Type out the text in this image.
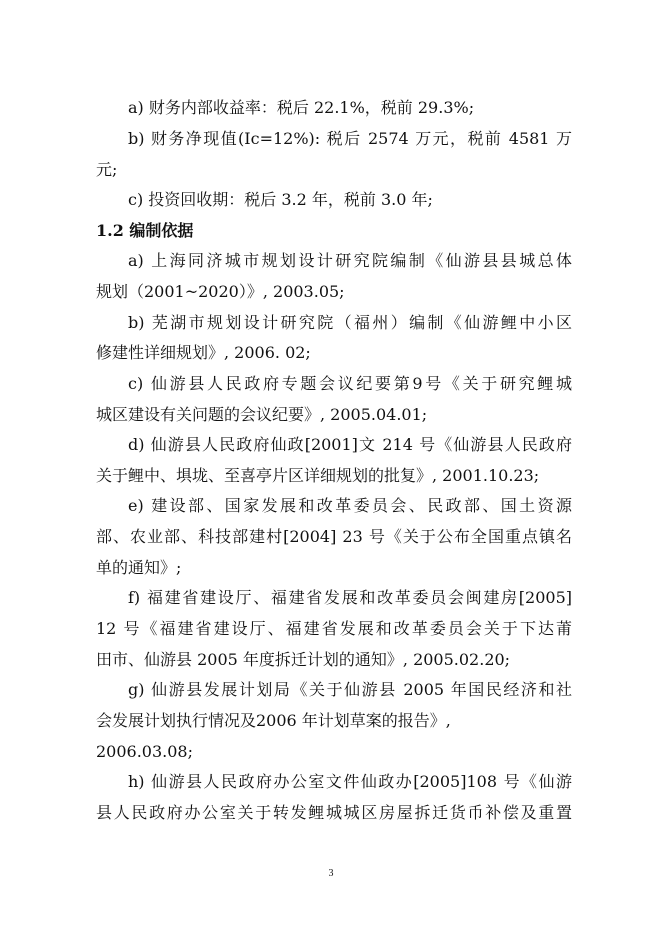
a) 财务内部收益率：税后 22.1%，税前 29.3%;
b) 财务净现值(Ic=12%): 税后 2574 万元，税前 4581 万
元;
c) 投资回收期：税后 3.2 年，税前 3.0 年;
1.2 编制依据
a) 上海同济城市规划设计研究院编制《仙游县县城总体
规划（2001~2020）》, 2003.05;
b) 芜湖市规划设计研究院（福州）编制《仙游鲤中小区
修建性详细规划》, 2006. 02;
c) 仙游县人民政府专题会议纪要第9号《关于研究鲤城
城区建设有关问题的会议纪要》, 2005.04.01;
d) 仙游县人民政府仙政[2001]文 214 号《仙游县人民政府
关于鲤中、埧垅、至喜亭片区详细规划的批复》, 2001.10.23;
e) 建设部、国家发展和改革委员会、民政部、国土资源
部、农业部、科技部建村[2004] 23 号《关于公布全国重点镇名
单的通知》;
f) 福建省建设厅、福建省发展和改革委员会闽建房[2005]
12 号《福建省建设厅、福建省发展和改革委员会关于下达莆
田市、仙游县 2005 年度拆迁计划的通知》, 2005.02.20;
g) 仙游县发展计划局《关于仙游县 2005 年国民经济和社
会发展计划执行情况及2006 年计划草案的报告》,
2006.03.08;
h) 仙游县人民政府办公室文件仙政办[2005]108 号《仙游
县人民政府办公室关于转发鲤城城区房屋拆迁货币补偿及重置
3
